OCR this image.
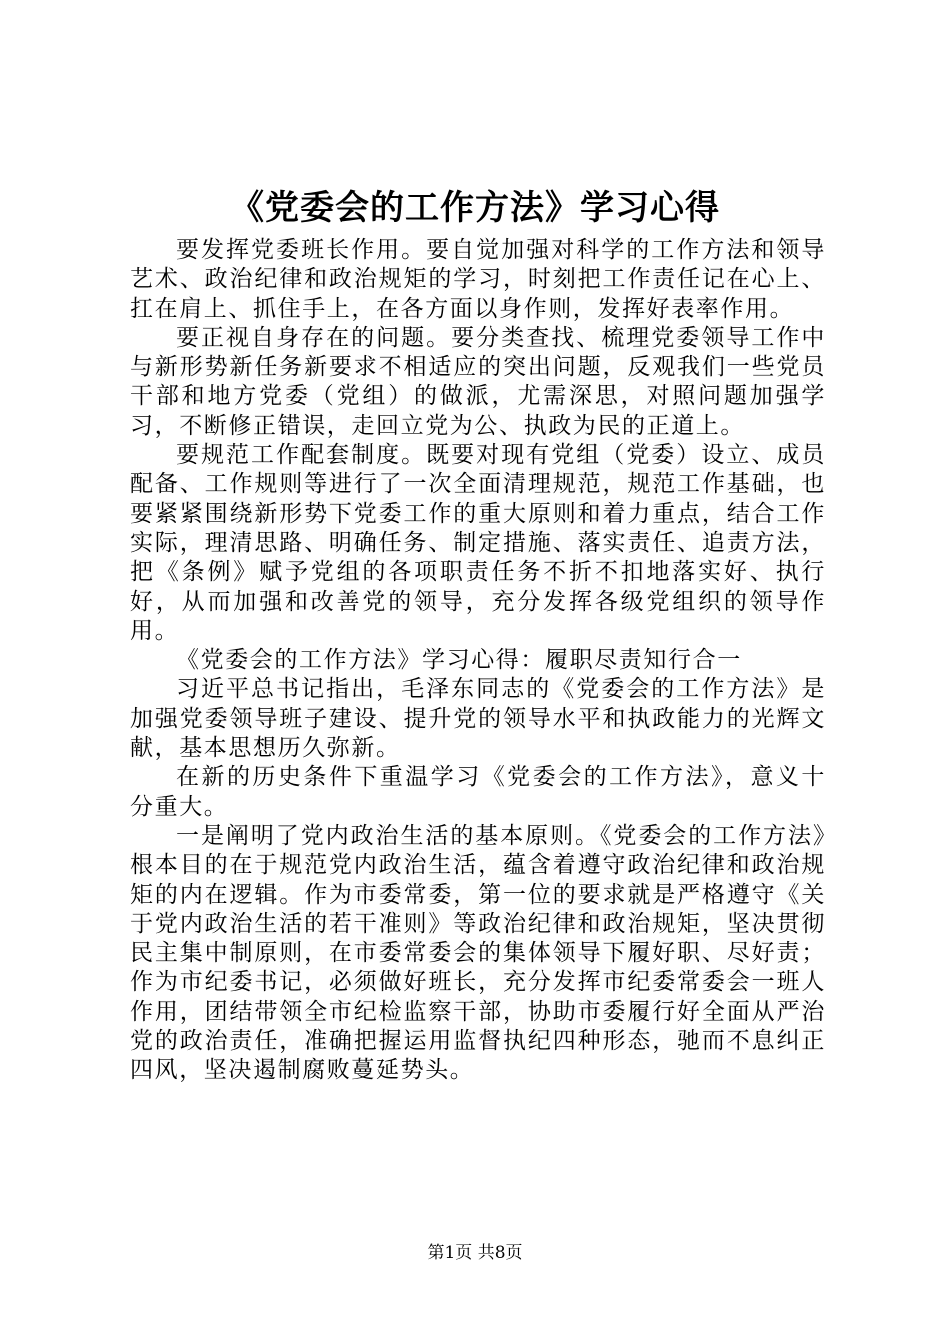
《党委会的工作方法》学习心得

要发挥党委班长作用。要自觉加强对科学的工作方法和领导艺术、政治纪律和政治规矩的学习，时刻把工作责任记在心上、扛在肩上、抓住手上，在各方面以身作则，发挥好表率作用。

要正视自身存在的问题。要分类查找、梳理党委领导工作中与新形势新任务新要求不相适应的突出问题，反观我们一些党员干部和地方党委（党组）的做派，尤需深思，对照问题加强学习，不断修正错误，走回立党为公、执政为民的正道上。

要规范工作配套制度。既要对现有党组（党委）设立、成员配备、工作规则等进行了一次全面清理规范，规范工作基础，也要紧紧围绕新形势下党委工作的重大原则和着力重点，结合工作实际，理清思路、明确任务、制定措施、落实责任、追责方法，把《条例》赋予党组的各项职责任务不折不扣地落实好、执行好，从而加强和改善党的领导，充分发挥各级党组织的领导作用。

《党委会的工作方法》学习心得：履职尽责知行合一

习近平总书记指出，毛泽东同志的《党委会的工作方法》是加强党委领导班子建设、提升党的领导水平和执政能力的光辉文献，基本思想历久弥新。

在新的历史条件下重温学习《党委会的工作方法》，意义十分重大。

一是阐明了党内政治生活的基本原则。《党委会的工作方法》根本目的在于规范党内政治生活，蕴含着遵守政治纪律和政治规矩的内在逻辑。作为市委常委，第一位的要求就是严格遵守《关于党内政治生活的若干准则》等政治纪律和政治规矩，坚决贯彻民主集中制原则，在市委常委会的集体领导下履好职、尽好责；作为市纪委书记，必须做好班长，充分发挥市纪委常委会一班人作用，团结带领全市纪检监察干部，协助市委履行好全面从严治党的政治责任，准确把握运用监督执纪四种形态，驰而不息纠正四风，坚决遏制腐败蔓延势头。

第1页 共8页
